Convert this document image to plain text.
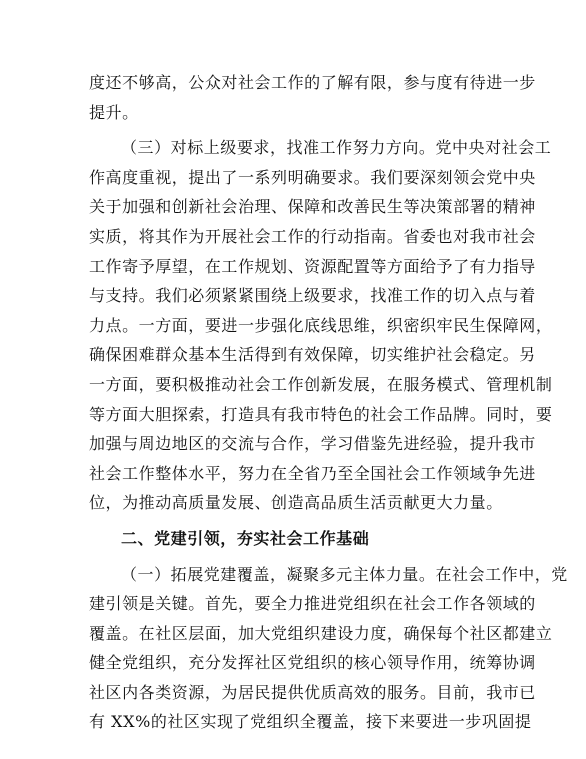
度还不够高，公众对社会工作的了解有限，参与度有待进一步
提升。
（三）对标上级要求，找准工作努力方向。党中央对社会工
作高度重视，提出了一系列明确要求。我们要深刻领会党中央
关于加强和创新社会治理、保障和改善民生等决策部署的精神
实质，将其作为开展社会工作的行动指南。省委也对我市社会
工作寄予厚望，在工作规划、资源配置等方面给予了有力指导
与支持。我们必须紧紧围绕上级要求，找准工作的切入点与着
力点。一方面，要进一步强化底线思维，织密织牢民生保障网，
确保困难群众基本生活得到有效保障，切实维护社会稳定。另
一方面，要积极推动社会工作创新发展，在服务模式、管理机制
等方面大胆探索，打造具有我市特色的社会工作品牌。同时，要
加强与周边地区的交流与合作，学习借鉴先进经验，提升我市
社会工作整体水平，努力在全省乃至全国社会工作领域争先进
位，为推动高质量发展、创造高品质生活贡献更大力量。
二、党建引领，夯实社会工作基础
（一）拓展党建覆盖，凝聚多元主体力量。在社会工作中，党
建引领是关键。首先，要全力推进党组织在社会工作各领域的
覆盖。在社区层面，加大党组织建设力度，确保每个社区都建立
健全党组织，充分发挥社区党组织的核心领导作用，统筹协调
社区内各类资源，为居民提供优质高效的服务。目前，我市已
有 XX%的社区实现了党组织全覆盖，接下来要进一步巩固提
